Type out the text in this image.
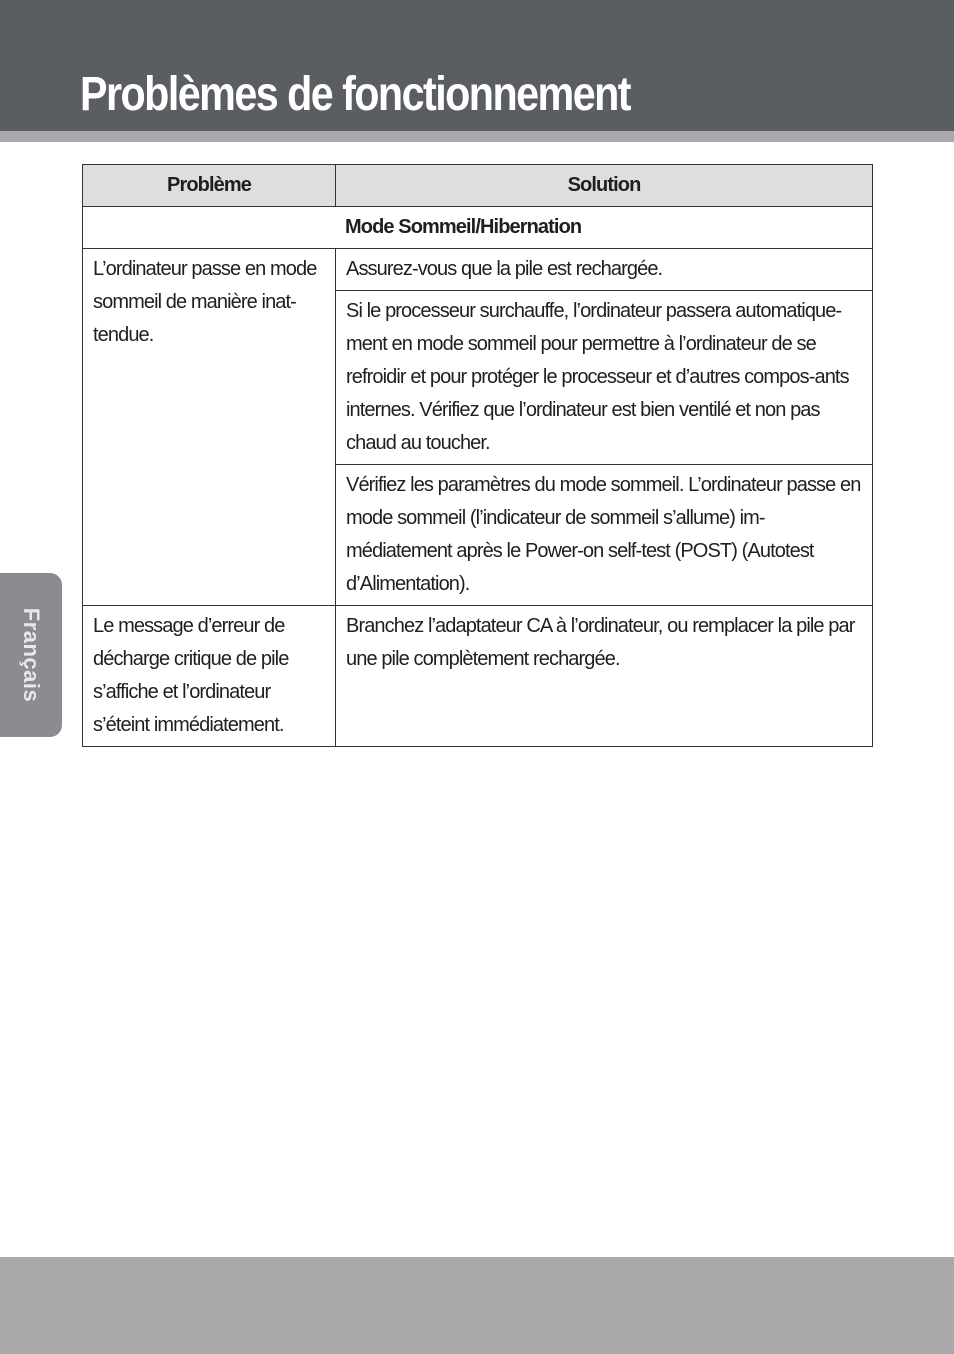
Problèmes de fonctionnement
Français
Problème	Solution
Mode Sommeil/Hibernation	
L’ordinateur passe en mode sommeil de manière inat-tendue.	Assurez-vous que la pile est rechargée.
	Si le processeur surchauffe, l’ordinateur passera automatique-ment en mode sommeil pour permettre à l’ordinateur de se refroidir et pour protéger le processeur et d’autres compos-ants internes. Vérifiez que l’ordinateur est bien ventilé et non pas chaud au toucher.
	Vérifiez les paramètres du mode sommeil. L’ordinateur passe en mode sommeil (l’indicateur de sommeil s’allume) im-médiatement après le Power-on self-test (POST) (Autotest d’Alimentation).
Le message d’erreur de décharge critique de pile s’affiche et l’ordinateur s’éteint immédiatement.	Branchez l’adaptateur CA à l’ordinateur, ou remplacer la pile par une pile complètement rechargée.
